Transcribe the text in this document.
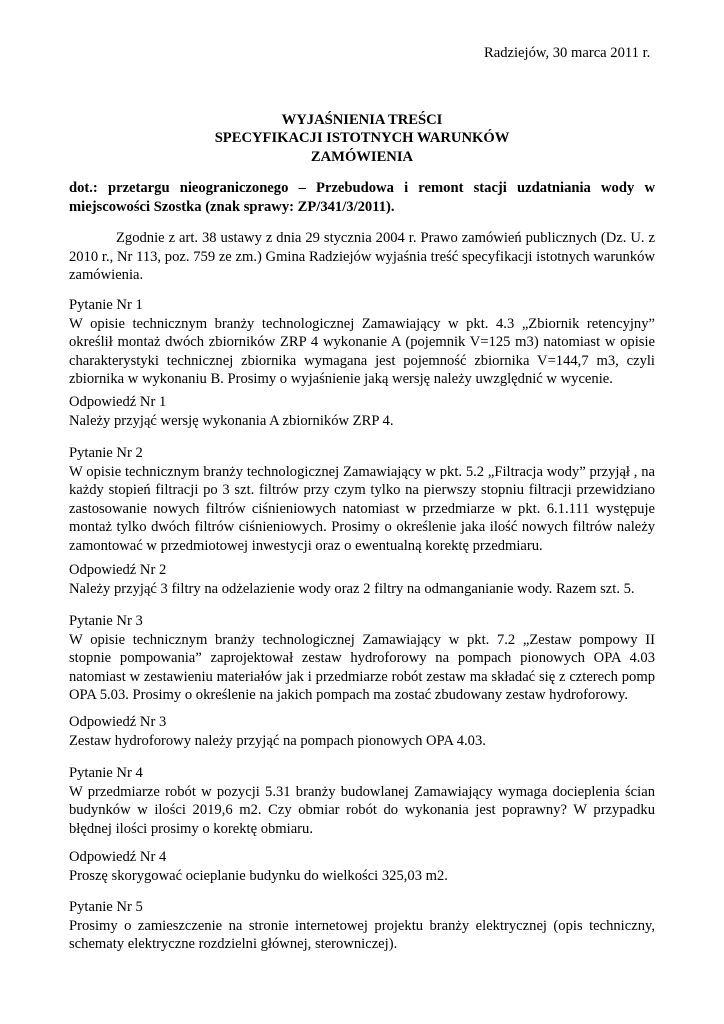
Radziejów, 30 marca 2011 r.
WYJAŚNIENIA TREŚCI
SPECYFIKACJI ISTOTNYCH WARUNKÓW
ZAMÓWIENIA
dot.: przetargu nieograniczonego – Przebudowa i remont stacji uzdatniania wody w miejscowości Szostka (znak sprawy: ZP/341/3/2011).
Zgodnie z art. 38 ustawy z dnia 29 stycznia 2004 r. Prawo zamówień publicznych (Dz. U. z 2010 r., Nr 113, poz. 759 ze zm.) Gmina Radziejów wyjaśnia treść specyfikacji istotnych warunków zamówienia.
Pytanie Nr 1
W opisie technicznym branży technologicznej Zamawiający w pkt. 4.3 „Zbiornik retencyjny” określił montaż dwóch zbiorników ZRP 4 wykonanie A (pojemnik V=125 m3) natomiast w opisie charakterystyki technicznej zbiornika wymagana jest pojemność zbiornika V=144,7 m3, czyli zbiornika w wykonaniu B. Prosimy o wyjaśnienie jaką wersję należy uwzględnić w wycenie.
Odpowiedź Nr 1
Należy przyjąć wersję wykonania A zbiorników ZRP 4.
Pytanie Nr 2
W opisie technicznym branży technologicznej Zamawiający w pkt. 5.2 „Filtracja wody” przyjął , na każdy stopień filtracji po 3 szt. filtrów przy czym tylko na pierwszy stopniu filtracji przewidziano zastosowanie nowych filtrów ciśnieniowych natomiast w przedmiarze w pkt. 6.1.111 występuje montaż tylko dwóch filtrów ciśnieniowych. Prosimy o określenie jaka ilość nowych filtrów należy zamontować w przedmiotowej inwestycji oraz o ewentualną korektę przedmiaru.
Odpowiedź Nr 2
Należy przyjąć 3 filtry na odżelazienie wody oraz 2 filtry na odmanganianie wody. Razem szt. 5.
Pytanie Nr 3
W opisie technicznym branży technologicznej Zamawiający w pkt. 7.2 „Zestaw pompowy II stopnie pompowania” zaprojektował zestaw hydroforowy na pompach pionowych OPA 4.03 natomiast w zestawieniu materiałów jak i przedmiarze robót zestaw ma składać się z czterech pomp OPA 5.03. Prosimy o określenie na jakich pompach ma zostać zbudowany zestaw hydroforowy.
Odpowiedź Nr 3
Zestaw hydroforowy należy przyjąć na pompach pionowych OPA 4.03.
Pytanie Nr 4
W przedmiarze robót w pozycji 5.31 branży budowlanej Zamawiający wymaga docieplenia ścian budynków w ilości 2019,6 m2. Czy obmiar robót do wykonania jest poprawny? W przypadku błędnej ilości prosimy o korektę obmiaru.
Odpowiedź Nr 4
Proszę skorygować ocieplanie budynku do wielkości 325,03 m2.
Pytanie Nr 5
Prosimy o zamieszczenie na stronie internetowej projektu branży elektrycznej (opis techniczny, schematy elektryczne rozdzielni głównej, sterowniczej).
